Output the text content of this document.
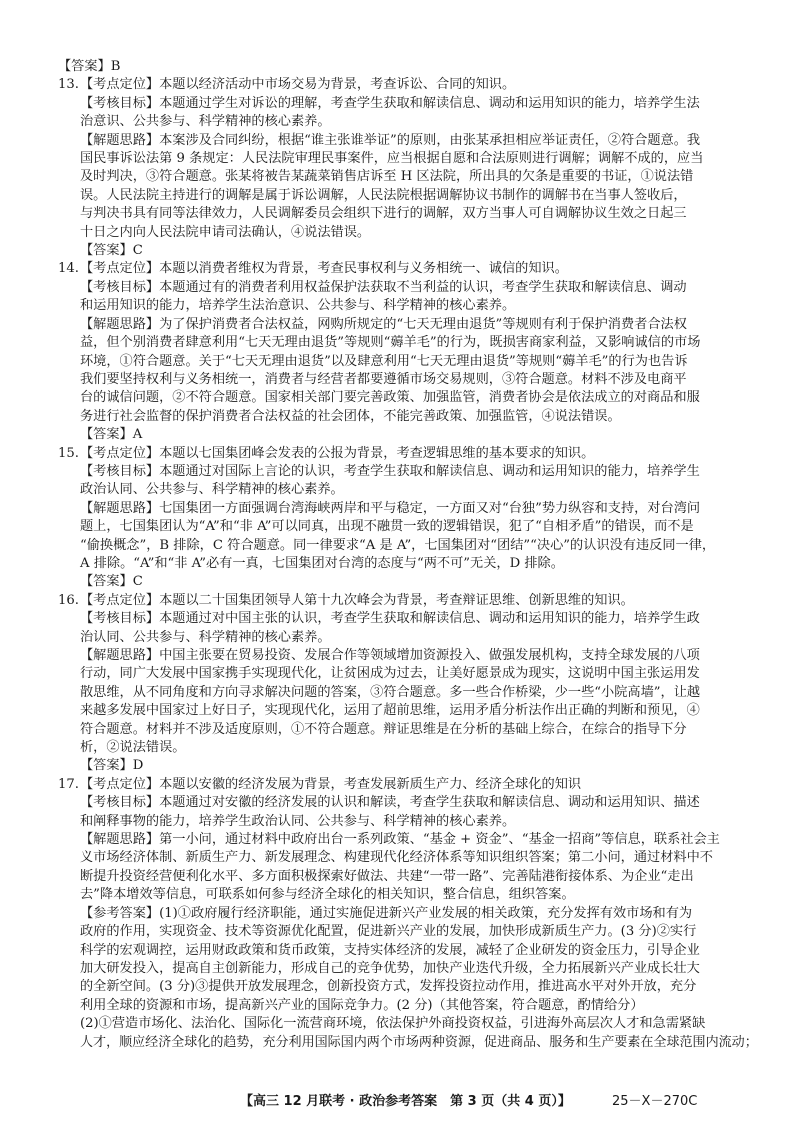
【答案】B
13.【考点定位】本题以经济活动中市场交易为背景，考查诉讼、合同的知识。
【考核目标】本题通过学生对诉讼的理解，考查学生获取和解读信息、调动和运用知识的能力，培养学生法
治意识、公共参与、科学精神的核心素养。
【解题思路】本案涉及合同纠纷，根据“谁主张谁举证”的原则，由张某承担相应举证责任，②符合题意。我
国民事诉讼法第 9 条规定：人民法院审理民事案件，应当根据自愿和合法原则进行调解；调解不成的，应当
及时判决，③符合题意。张某将被告某蔬菜销售店诉至 H 区法院，所出具的欠条是重要的书证，①说法错
误。人民法院主持进行的调解是属于诉讼调解，人民法院根据调解协议书制作的调解书在当事人签收后，
与判决书具有同等法律效力，人民调解委员会组织下进行的调解，双方当事人可自调解协议生效之日起三
十日之内向人民法院申请司法确认，④说法错误。
【答案】C
14.【考点定位】本题以消费者维权为背景，考查民事权利与义务相统一、诚信的知识。
【考核目标】本题通过有的消费者利用权益保护法获取不当利益的认识，考查学生获取和解读信息、调动
和运用知识的能力，培养学生法治意识、公共参与、科学精神的核心素养。
【解题思路】为了保护消费者合法权益，网购所规定的“七天无理由退货”等规则有利于保护消费者合法权
益，但个别消费者肆意利用“七天无理由退货”等规则“薅羊毛”的行为，既损害商家利益，又影响诚信的市场
环境，①符合题意。关于“七天无理由退货”以及肆意利用“七天无理由退货”等规则“薅羊毛”的行为也告诉
我们要坚持权利与义务相统一，消费者与经营者都要遵循市场交易规则，③符合题意。材料不涉及电商平
台的诚信问题，②不符合题意。国家相关部门要完善政策、加强监管，消费者协会是依法成立的对商品和服
务进行社会监督的保护消费者合法权益的社会团体，不能完善政策、加强监管，④说法错误。
【答案】A
15.【考点定位】本题以七国集团峰会发表的公报为背景，考查逻辑思维的基本要求的知识。
【考核目标】本题通过对国际上言论的认识，考查学生获取和解读信息、调动和运用知识的能力，培养学生
政治认同、公共参与、科学精神的核心素养。
【解题思路】七国集团一方面强调台湾海峡两岸和平与稳定，一方面又对“台独”势力纵容和支持，对台湾问
题上，七国集团认为“A”和“非 A”可以同真，出现不融贯一致的逻辑错误，犯了“自相矛盾”的错误，而不是
“偷换概念”，B 排除，C 符合题意。同一律要求“A 是 A”，七国集团对“团结”“决心”的认识没有违反同一律，
A 排除。“A”和“非 A”必有一真，七国集团对台湾的态度与“两不可”无关，D 排除。
【答案】C
16.【考点定位】本题以二十国集团领导人第十九次峰会为背景，考查辩证思维、创新思维的知识。
【考核目标】本题通过对中国主张的认识，考查学生获取和解读信息、调动和运用知识的能力，培养学生政
治认同、公共参与、科学精神的核心素养。
【解题思路】中国主张要在贸易投资、发展合作等领域增加资源投入、做强发展机构，支持全球发展的八项
行动，同广大发展中国家携手实现现代化，让贫困成为过去，让美好愿景成为现实，这说明中国主张运用发
散思维，从不同角度和方向寻求解决问题的答案，③符合题意。多一些合作桥梁，少一些“小院高墙”，让越
来越多发展中国家过上好日子，实现现代化，运用了超前思维，运用矛盾分析法作出正确的判断和预见，④
符合题意。材料并不涉及适度原则，①不符合题意。辩证思维是在分析的基础上综合，在综合的指导下分
析，②说法错误。
【答案】D
17.【考点定位】本题以安徽的经济发展为背景，考查发展新质生产力、经济全球化的知识
【考核目标】本题通过对安徽的经济发展的认识和解读，考查学生获取和解读信息、调动和运用知识、描述
和阐释事物的能力，培养学生政治认同、公共参与、科学精神的核心素养。
【解题思路】第一小问，通过材料中政府出台一系列政策、“基金 + 资金”、“基金一招商”等信息，联系社会主
义市场经济体制、新质生产力、新发展理念、构建现代化经济体系等知识组织答案；第二小问，通过材料中不
断提升投资经营便利化水平、多方面积极探索好做法、共建“一带一路”、完善陆港衔接体系、为企业“走出
去”降本增效等信息，可联系如何参与经济全球化的相关知识，整合信息，组织答案。
【参考答案】(1)①政府履行经济职能，通过实施促进新兴产业发展的相关政策，充分发挥有效市场和有为
政府的作用，实现资金、技术等资源优化配置，促进新兴产业的发展，加快形成新质生产力。(3 分)②实行
科学的宏观调控，运用财政政策和货币政策，支持实体经济的发展，减轻了企业研发的资金压力，引导企业
加大研发投入，提高自主创新能力，形成自己的竞争优势，加快产业迭代升级，全力拓展新兴产业成长壮大
的全新空间。(3 分)③提供开放发展理念，创新投资方式，发挥投资拉动作用，推进高水平对外开放，充分
利用全球的资源和市场，提高新兴产业的国际竞争力。(2 分)（其他答案，符合题意，酌情给分）
(2)①营造市场化、法治化、国际化一流营商环境，依法保护外商投资权益，引进海外高层次人才和急需紧缺
人才，顺应经济全球化的趋势，充分利用国际国内两个市场两种资源，促进商品、服务和生产要素在全球范围内流动；
【高三 12 月联考 · 政治参考答案　第 3 页（共 4 页）】	25－X－270C
